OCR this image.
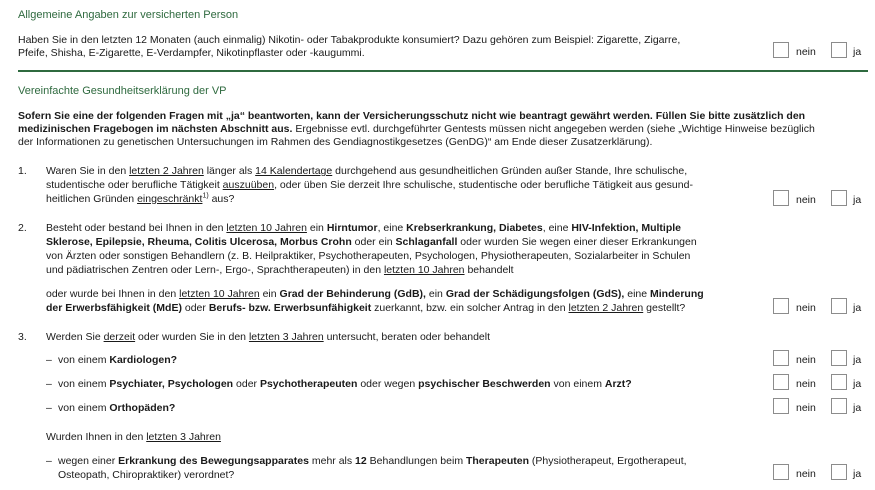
Allgemeine Angaben zur versicherten Person
Haben Sie in den letzten 12 Monaten (auch einmalig) Nikotin- oder Tabakprodukte konsumiert? Dazu gehören zum Beispiel: Zigarette, Zigarre,
Pfeife, Shisha, E-Zigarette, E-Verdampfer, Nikotinpflaster oder -kaugummi.	nein	ja
Vereinfachte Gesundheitserklärung der VP
Sofern Sie eine der folgenden Fragen mit „ja“ beantworten, kann der Versicherungsschutz nicht wie beantragt gewährt werden. Füllen Sie bitte zusätzlich den
medizinischen Fragebogen im nächsten Abschnitt aus. Ergebnisse evtl. durchgeführter Gentests müssen nicht angegeben werden (siehe „Wichtige Hinweise bezüglich
der Informationen zu genetischen Untersuchungen im Rahmen des Gendiagnostikgesetzes (GenDG)“ am Ende dieser Zusatzerklärung).
1. Waren Sie in den letzten 2 Jahren länger als 14 Kalendertage durchgehend aus gesundheitlichen Gründen außer Stande, Ihre schulische,
studentische oder berufliche Tätigkeit auszuüben, oder üben Sie derzeit Ihre schulische, studentische oder berufliche Tätigkeit aus gesund-
heitlichen Gründen eingeschränkt$^{1)}$ aus?	nein	ja
2. Besteht oder bestand bei Ihnen in den letzten 10 Jahren ein Hirntumor, eine Krebserkrankung, Diabetes, eine HIV-Infektion, Multiple
Sklerose, Epilepsie, Rheuma, Colitis Ulcerosa, Morbus Crohn oder ein Schlaganfall oder wurden Sie wegen einer dieser Erkrankungen
von Ärzten oder sonstigen Behandlern (z. B. Heilpraktiker, Psychotherapeuten, Psychologen, Physiotherapeuten, Sozialarbeiter in Schulen
und pädiatrischen Zentren oder Lern-, Ergo-, Sprachtherapeuten) in den letzten 10 Jahren behandelt
oder wurde bei Ihnen in den letzten 10 Jahren ein Grad der Behinderung (GdB), ein Grad der Schädigungsfolgen (GdS), eine Minderung
der Erwerbsfähigkeit (MdE) oder Berufs- bzw. Erwerbsunfähigkeit zuerkannt, bzw. ein solcher Antrag in den letzten 2 Jahren gestellt?	nein	ja
3. Werden Sie derzeit oder wurden Sie in den letzten 3 Jahren untersucht, beraten oder behandelt
– von einem Kardiologen?	nein	ja
– von einem Psychiater, Psychologen oder Psychotherapeuten oder wegen psychischer Beschwerden von einem Arzt?	nein	ja
– von einem Orthopäden?	nein	ja
Wurden Ihnen in den letzten 3 Jahren
– wegen einer Erkrankung des Bewegungsapparates mehr als 12 Behandlungen beim Therapeuten (Physiotherapeut, Ergotherapeut,
Osteopath, Chiropraktiker) verordnet?	nein	ja
